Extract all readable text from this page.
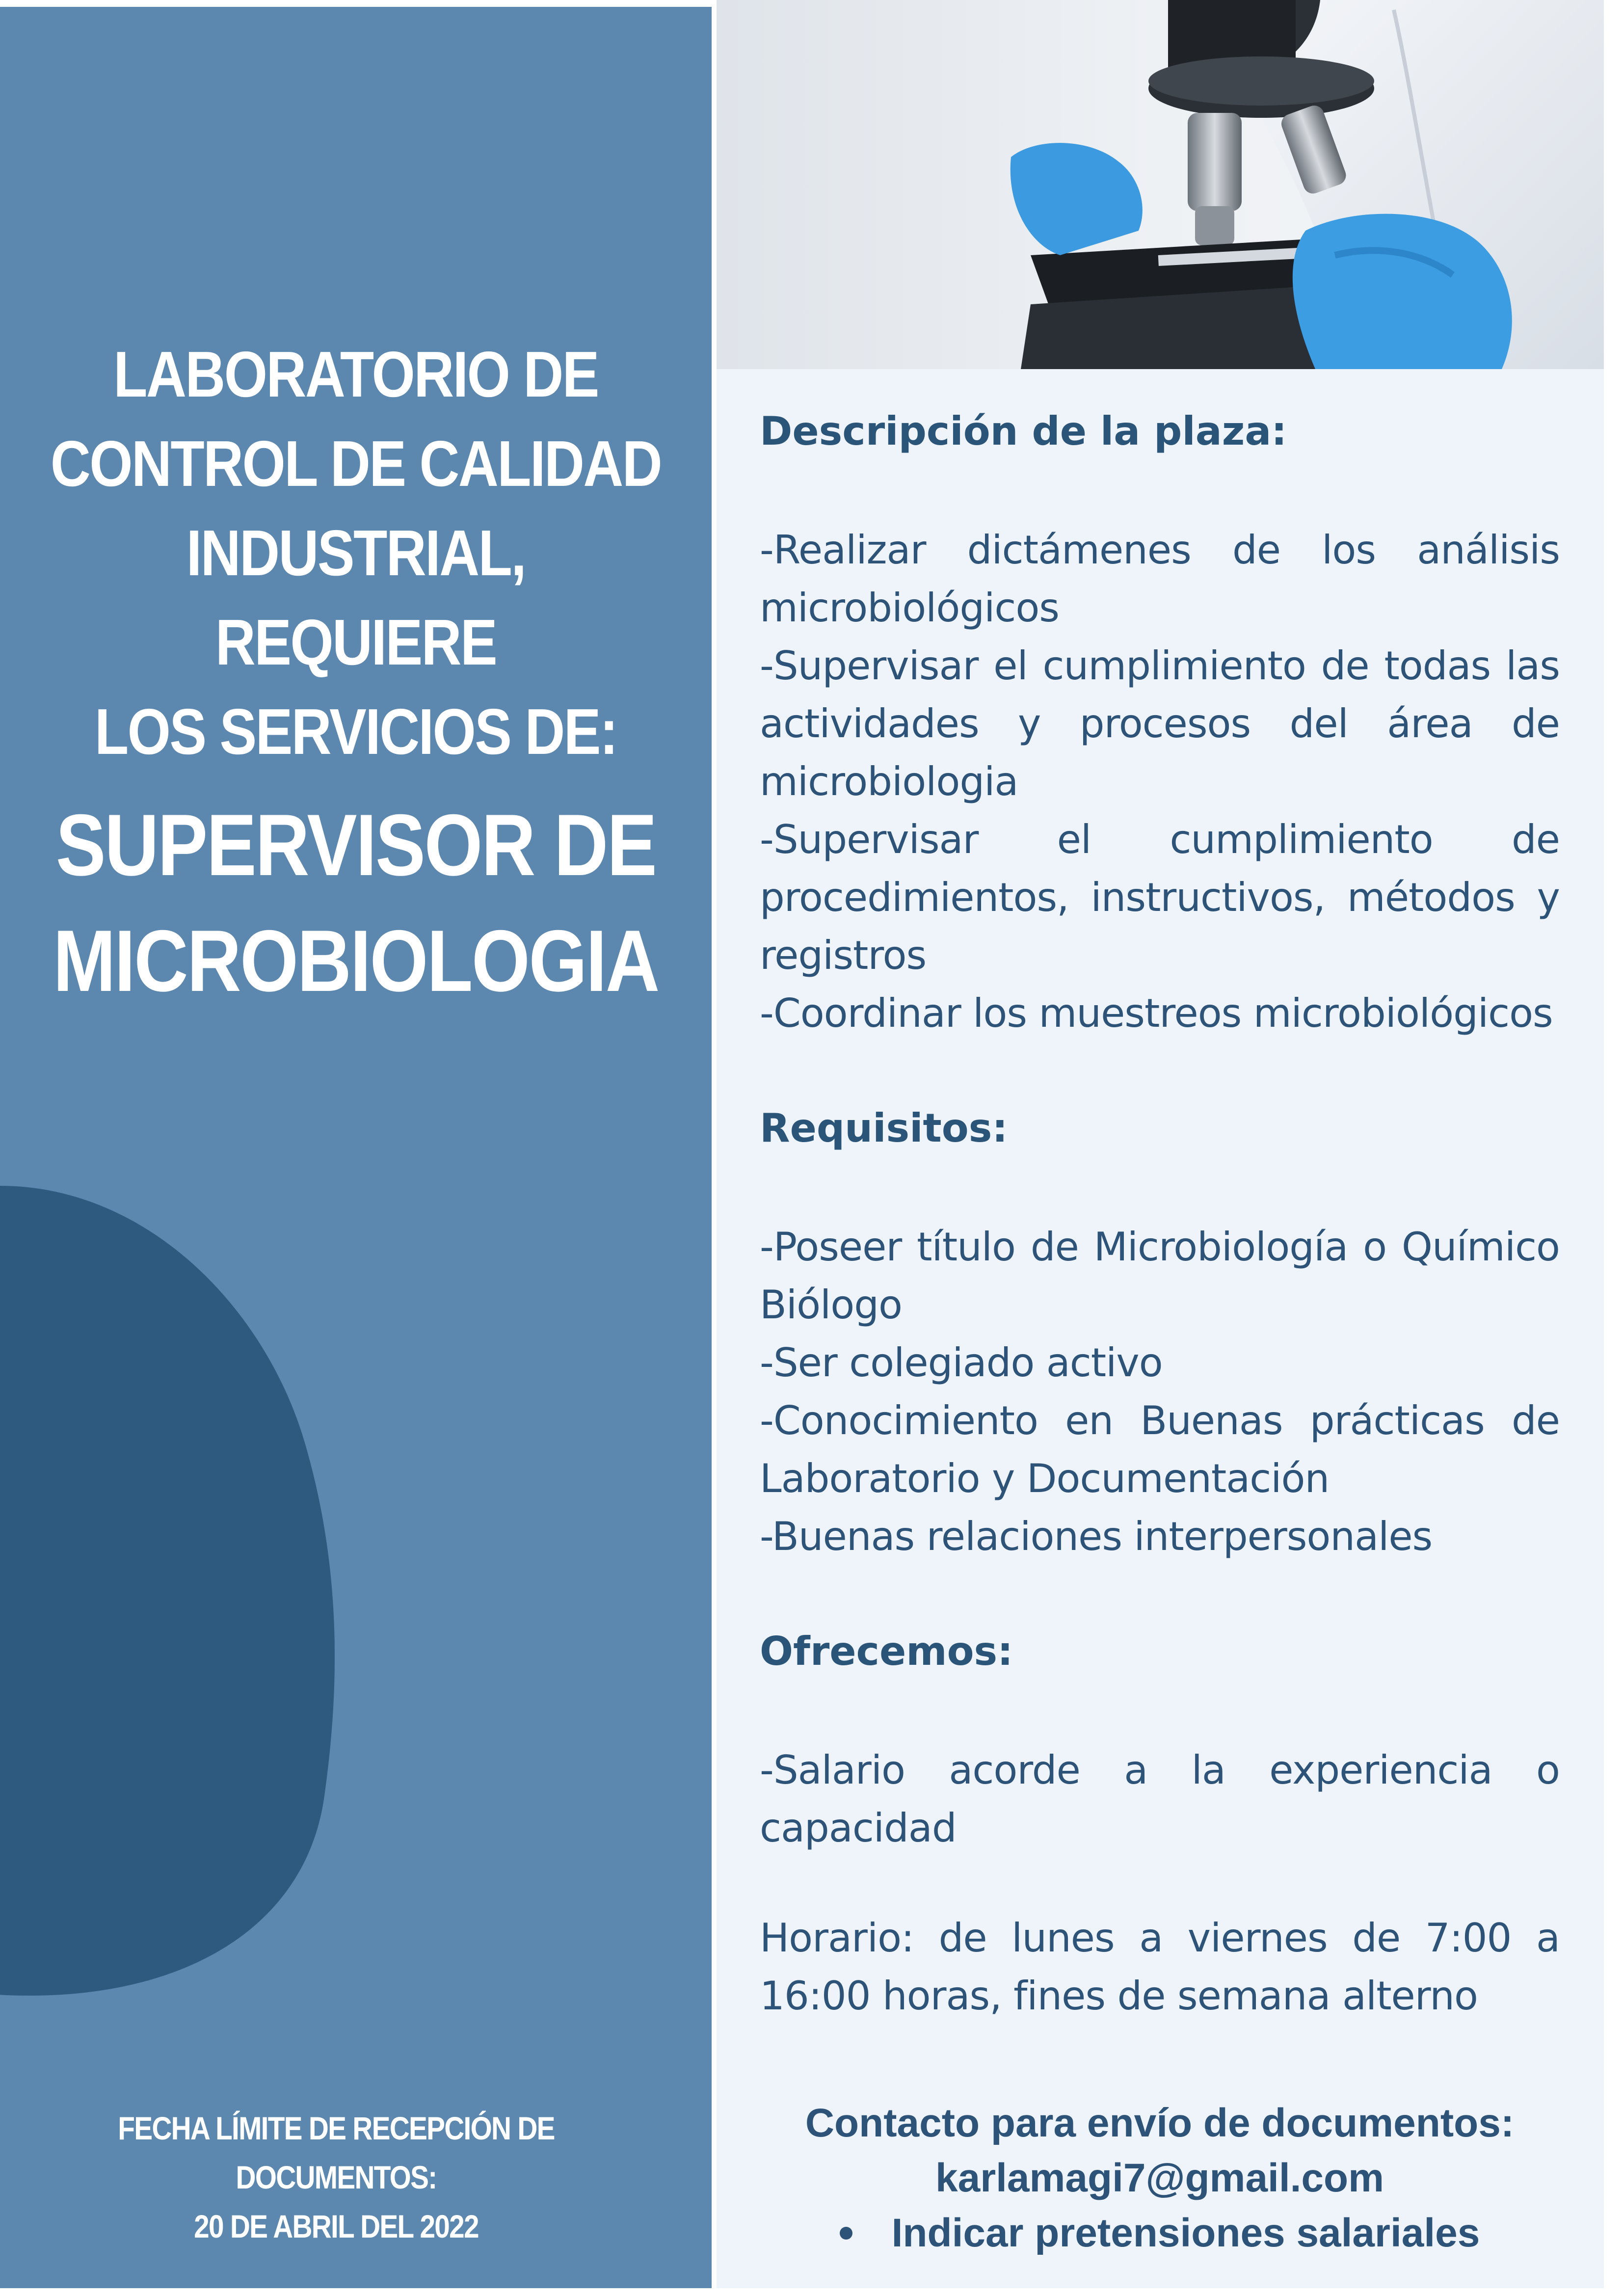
LABORATORIO DE
CONTROL DE CALIDAD
INDUSTRIAL, REQUIERE
LOS SERVICIOS DE:
SUPERVISOR DE
MICROBIOLOGIA
FECHA LÍMITE DE RECEPCIÓN DE
DOCUMENTOS:
20 DE ABRIL DEL 2022
Descripción de la plaza:
-Realizar dictámenes de los análisis microbiológicos
-Supervisar el cumplimiento de todas las actividades y procesos del área de microbiologia
-Supervisar el cumplimiento de procedimientos, instructivos, métodos y registros
-Coordinar los muestreos microbiológicos
Requisitos:
-Poseer título de Microbiología o Químico Biólogo
-Ser colegiado activo
-Conocimiento en Buenas prácticas de Laboratorio y Documentación
-Buenas relaciones interpersonales
Ofrecemos:
-Salario acorde a la experiencia o capacidad

Horario: de lunes a viernes de 7:00 a 16:00 horas, fines de semana alterno

Contacto para envío de documentos:
karlamagi7@gmail.com
Indicar pretensiones salariales
